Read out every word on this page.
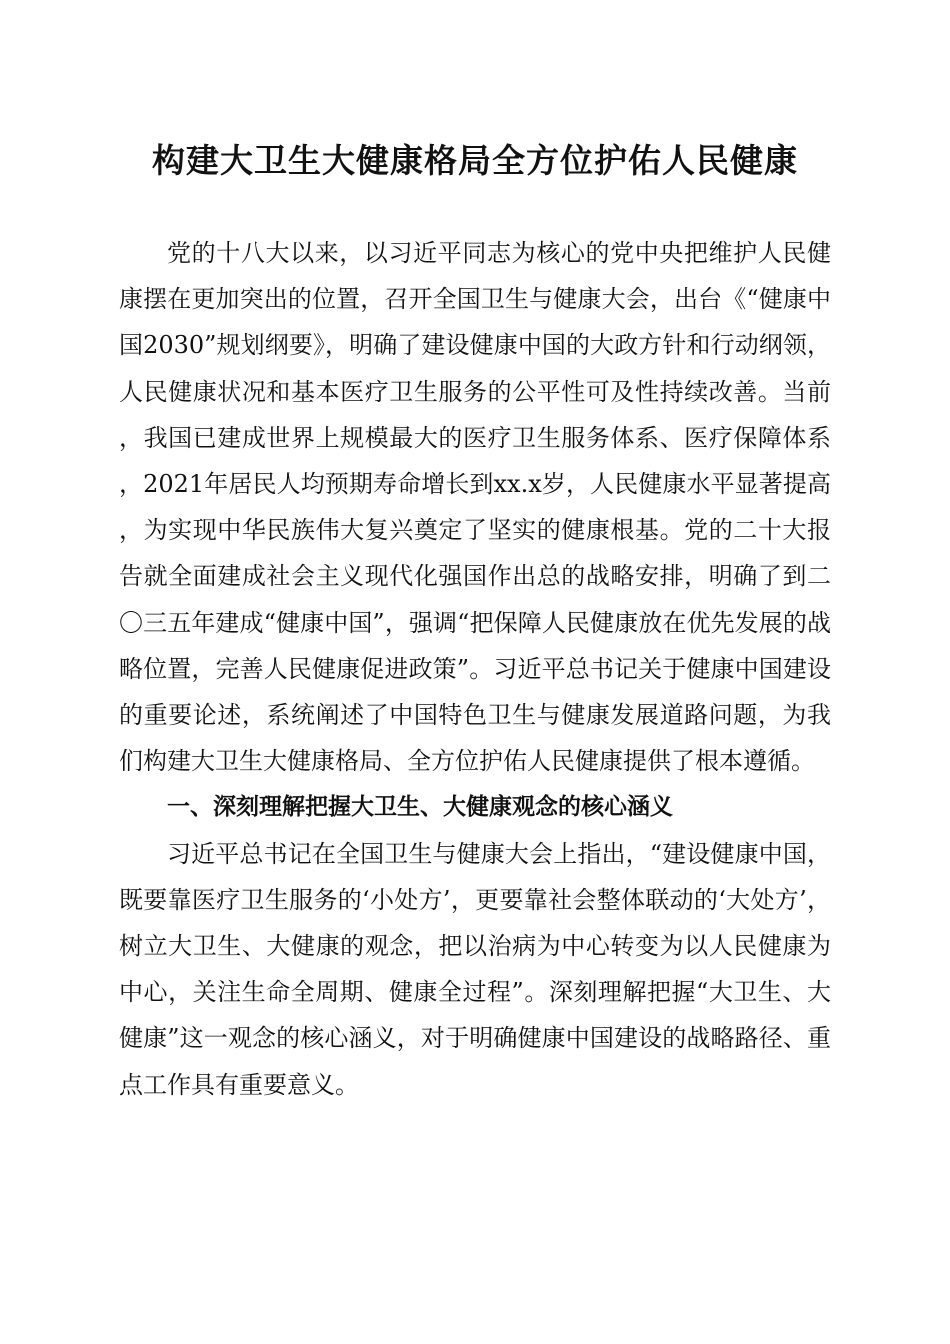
构建大卫生大健康格局全方位护佑人民健康

党的十八大以来，以习近平同志为核心的党中央把维护人民健康摆在更加突出的位置，召开全国卫生与健康大会，出台《“健康中国2030”规划纲要》，明确了建设健康中国的大政方针和行动纲领，人民健康状况和基本医疗卫生服务的公平性可及性持续改善。当前，我国已建成世界上规模最大的医疗卫生服务体系、医疗保障体系，2021年居民人均预期寿命增长到xx.x岁，人民健康水平显著提高，为实现中华民族伟大复兴奠定了坚实的健康根基。党的二十大报告就全面建成社会主义现代化强国作出总的战略安排，明确了到二〇三五年建成“健康中国”，强调“把保障人民健康放在优先发展的战略位置，完善人民健康促进政策”。习近平总书记关于健康中国建设的重要论述，系统阐述了中国特色卫生与健康发展道路问题，为我们构建大卫生大健康格局、全方位护佑人民健康提供了根本遵循。

一、深刻理解把握大卫生、大健康观念的核心涵义

习近平总书记在全国卫生与健康大会上指出，“建设健康中国，既要靠医疗卫生服务的‘小处方’，更要靠社会整体联动的‘大处方’，树立大卫生、大健康的观念，把以治病为中心转变为以人民健康为中心，关注生命全周期、健康全过程”。深刻理解把握“大卫生、大健康”这一观念的核心涵义，对于明确健康中国建设的战略路径、重点工作具有重要意义。
